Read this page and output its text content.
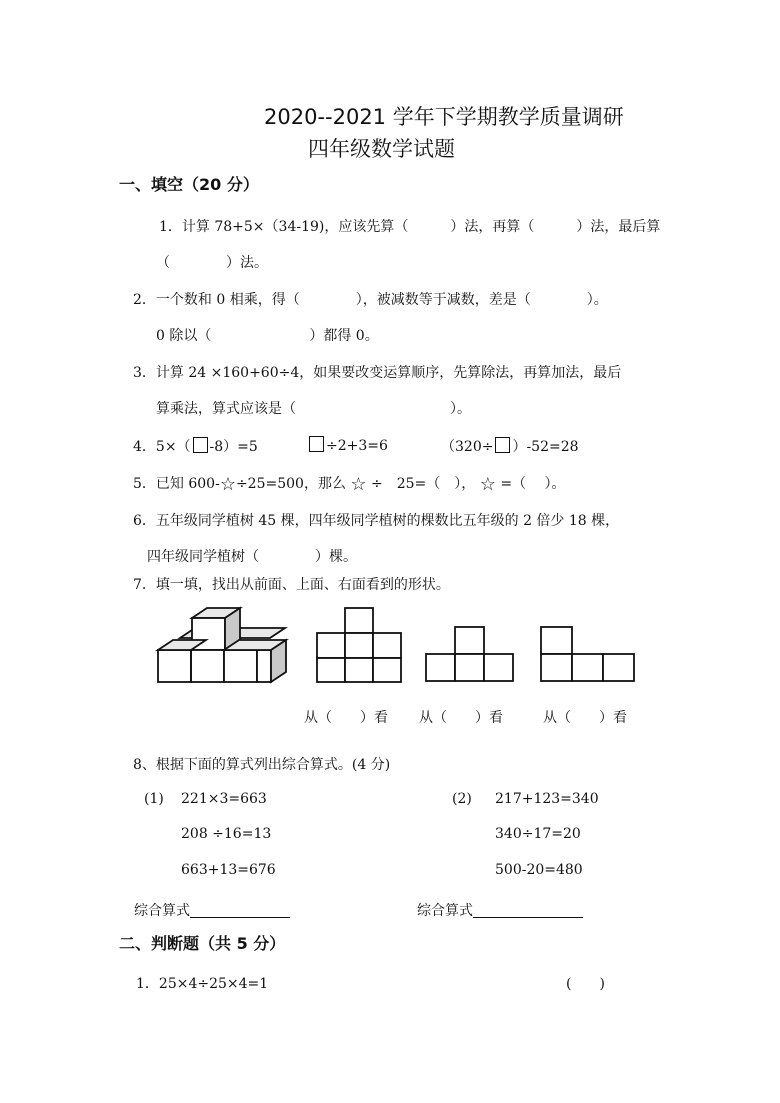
2020--2021 学年下学期教学质量调研
四年级数学试题
一、填空（20 分）
1．计算 78+5×（34-19)，应该先算（　　　）法，再算（　　　）法，最后算
（　　　　）法。
2．一个数和 0 相乘，得（　　　　），被减数等于减数，差是（　　　　）。
0 除以（　　　　　　　）都得 0。
3．计算 24 ×160+60÷4，如果要改变运算顺序，先算除法，再算加法，最后
算乘法，算式应该是（　　　　　　　　　　　）。
4．5×（ -8）=5	÷2+3=6	（320÷ ）-52=28
5．已知 600-☆÷25=500，那么 ☆ ÷　25=（　）， ☆ =（　 ）。
6．五年级同学植树 45 棵，四年级同学植树的棵数比五年级的 2 倍少 18 棵，
四年级同学植树（　　　　）棵。
7．填一填，找出从前面、上面、右面看到的形状。
从（　　）看 从（　　）看	从（　　）看
8、根据下面的算式列出综合算式。(4 分)
(1) 221×3=663
208 ÷16=13
663+13=676
(2) 217+123=340
340÷17=20
500-20=480
综合算式	综合算式
二、判断题（共 5 分）
1．25×4÷25×4=1	(　　)
